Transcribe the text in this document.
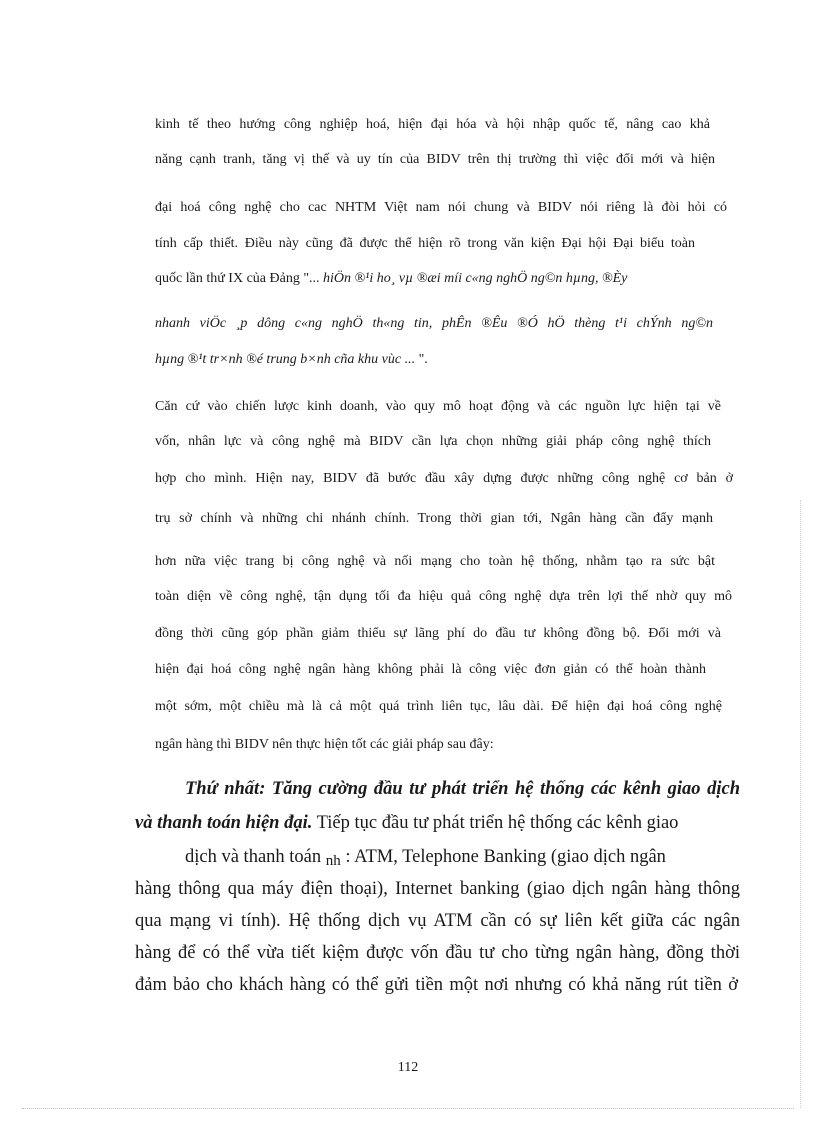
kinh tế theo hướng công nghiệp hoá, hiện đại hóa và hội nhập quốc tế, nâng cao khả

năng cạnh tranh, tăng vị thế và uy tín của BIDV trên thị trường thì việc đổi mới và hiện

đại hoá công nghệ cho cac NHTM Việt nam nói chung và BIDV nói riêng là đòi hỏi có

tính cấp thiết. Điều này cũng đã được thể hiện rõ trong văn kiện Đại hội Đại biểu toàn

quốc lần thứ IX của Đảng "... hiÖn ®¹i ho¸ vµ ®æi míi c«ng nghÖ ng©n hµng, ®Èy

nhanh viÖc ¸p dông c«ng nghÖ th«ng tin, phÊn ®Êu ®Ó hÖ thèng t¹i chÝnh ng©n

hµng ®¹t tr×nh ®é trung b×nh cña khu vùc ... ".

Căn cứ vào chiến lược kinh doanh, vào quy mô hoạt động và các nguồn lực hiện tại về

vốn, nhân lực và công nghệ mà BIDV cần lựa chọn những giải pháp công nghệ thích

hợp cho mình. Hiện nay, BIDV đã bước đầu xây dựng được những công nghệ cơ bản ở

trụ sở chính và những chi nhánh chính. Trong thời gian tới, Ngân hàng cần đẩy mạnh

hơn nữa việc trang bị công nghệ và nối mạng cho toàn hệ thống, nhằm tạo ra sức bật

toàn diện về công nghệ, tận dụng tối đa hiệu quả công nghệ dựa trên lợi thế nhờ quy mô

đồng thời cũng góp phần giảm thiểu sự lãng phí do đầu tư không đồng bộ. Đổi mới và

hiện đại hoá công nghệ ngân hàng không phải là công việc đơn giản có thể hoàn thành

một sớm, một chiều mà là cả một quá trình liên tục, lâu dài. Để hiện đại hoá công nghệ

ngân hàng thì BIDV nên thực hiện tốt các giải pháp sau đây:

Thứ nhất: Tăng cường đầu tư phát triển hệ thống các kênh giao dịch

và thanh toán hiện đại. Tiếp tục đầu tư phát triển hệ thống các kênh giao

dịch và thanh toán nh : ATM, Telephone Banking (giao dịch ngân

hàng thông qua máy điện thoại), Internet banking (giao dịch ngân hàng thông

qua mạng vi tính). Hệ thống dịch vụ ATM cần có sự liên kết giữa các ngân

hàng để có thể vừa tiết kiệm được vốn đầu tư cho từng ngân hàng, đồng thời

đảm bảo cho khách hàng có thể gửi tiền một nơi nhưng có khả năng rút tiền ở

112
